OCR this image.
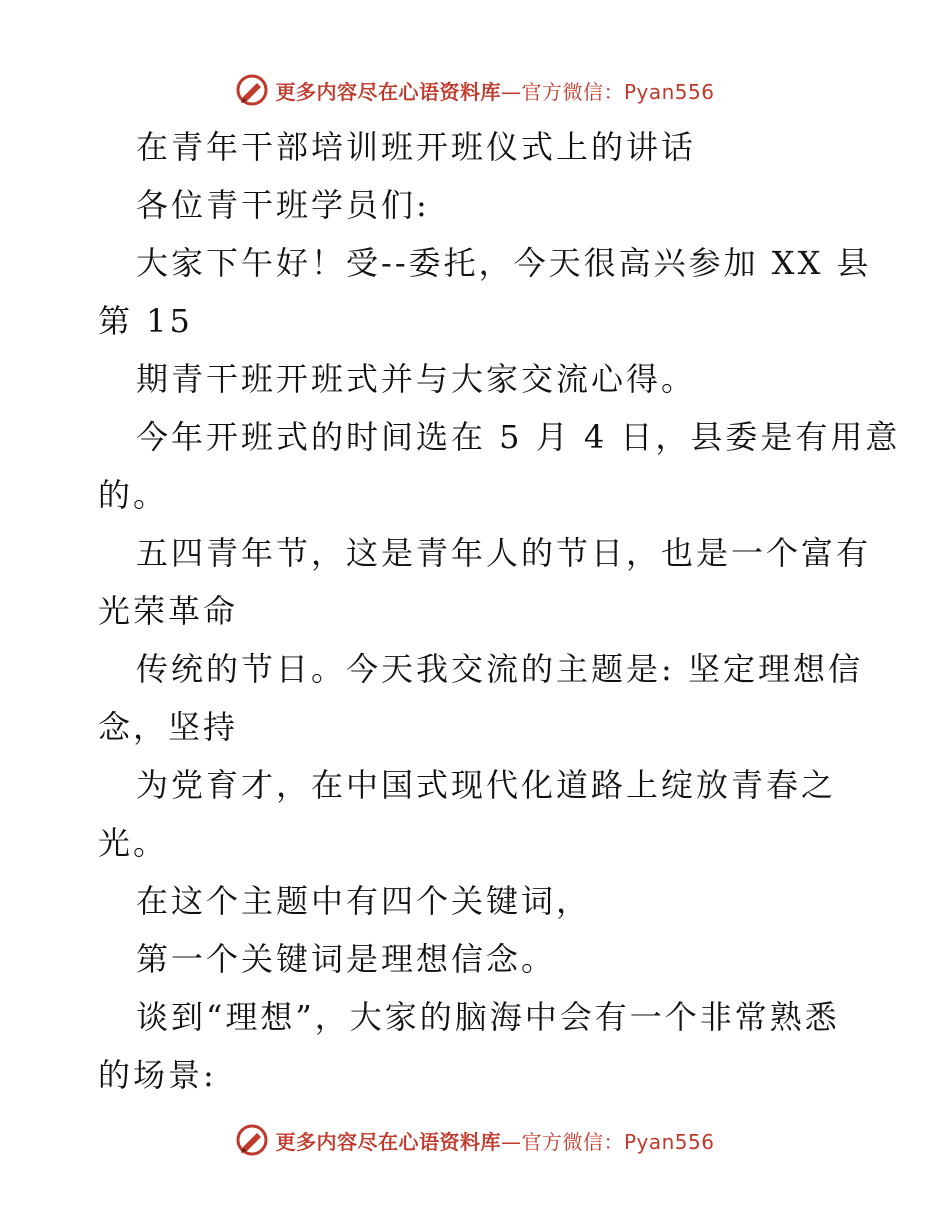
更多内容尽在心语资料库—官方微信：Pyan556
在青年干部培训班开班仪式上的讲话
各位青干班学员们:
大家下午好！受--委托，今天很高兴参加 XX 县
第 15
期青干班开班式并与大家交流心得。
今年开班式的时间选在 5 月 4 日，县委是有用意
的。
五四青年节，这是青年人的节日，也是一个富有
光荣革命
传统的节日。今天我交流的主题是: 坚定理想信
念，坚持
为党育才，在中国式现代化道路上绽放青春之
光。
在这个主题中有四个关键词，
第一个关键词是理想信念。
谈到“理想”，大家的脑海中会有一个非常熟悉
的场景:
更多内容尽在心语资料库—官方微信：Pyan556
